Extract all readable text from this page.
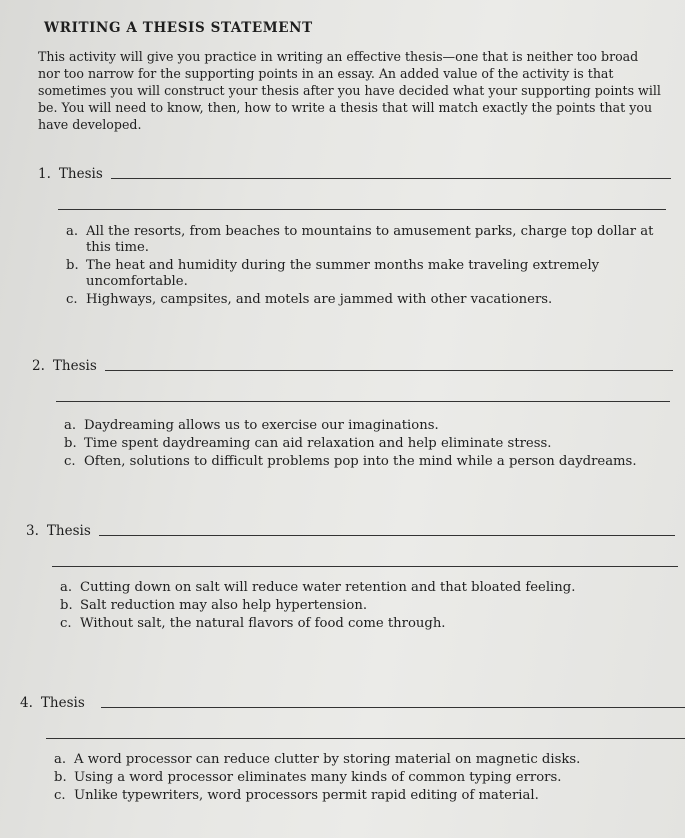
WRITING A THESIS STATEMENT
This activity will give you practice in writing an effective thesis—one that is neither too broad nor too narrow for the supporting points in an essay. An added value of the activity is that sometimes you will construct your thesis after you have decided what your supporting points will be. You will need to know, then, how to write a thesis that will match exactly the points that you have developed.
1. Thesis
a. All the resorts, from beaches to mountains to amusement parks, charge top dollar at this time.
b. The heat and humidity during the summer months make traveling extremely uncomfortable.
c. Highways, campsites, and motels are jammed with other vacationers.
2. Thesis
a. Daydreaming allows us to exercise our imaginations.
b. Time spent daydreaming can aid relaxation and help eliminate stress.
c. Often, solutions to difficult problems pop into the mind while a person daydreams.
3. Thesis
a. Cutting down on salt will reduce water retention and that bloated feeling.
b. Salt reduction may also help hypertension.
c. Without salt, the natural flavors of food come through.
4. Thesis
a. A word processor can reduce clutter by storing material on magnetic disks.
b. Using a word processor eliminates many kinds of common typing errors.
c. Unlike typewriters, word processors permit rapid editing of material.
